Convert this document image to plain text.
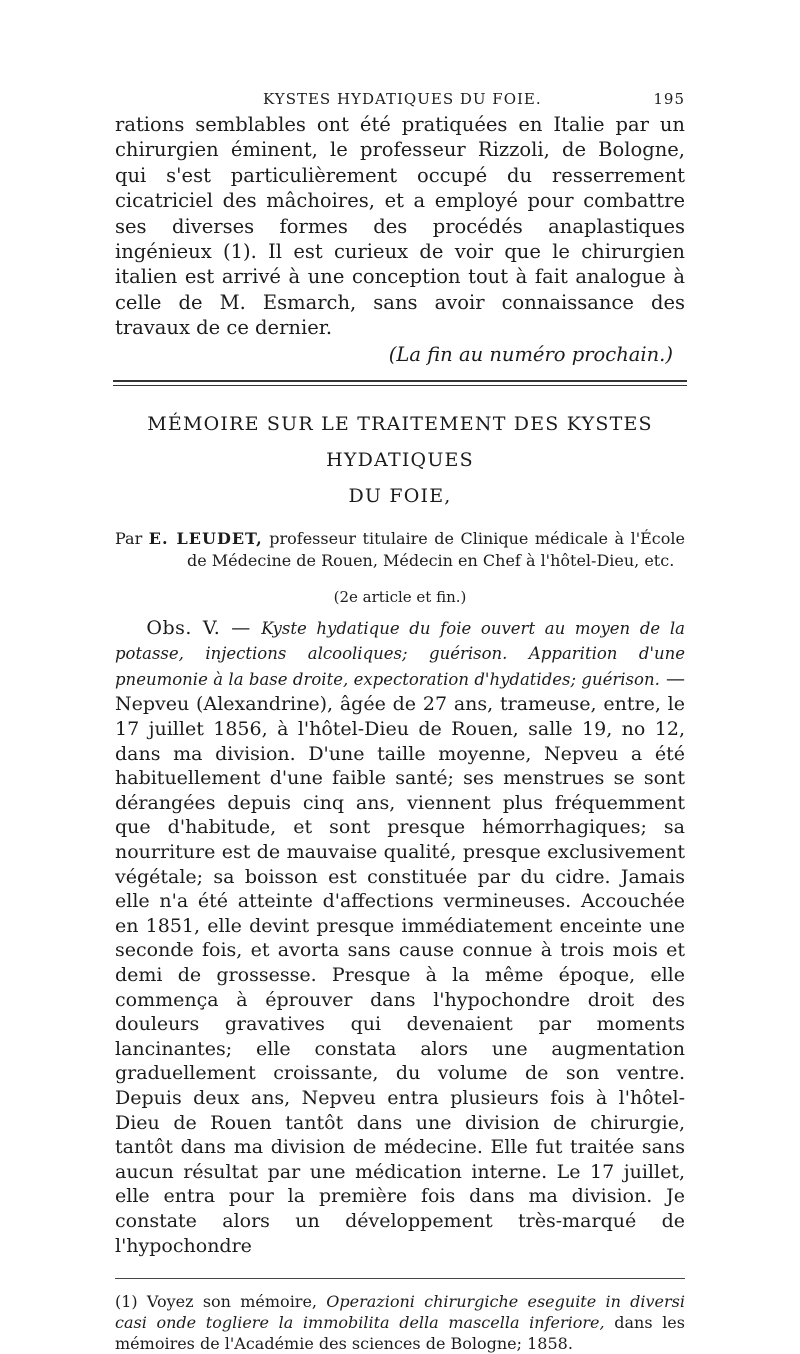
KYSTES HYDATIQUES DU FOIE.	195

rations semblables ont été pratiquées en Italie par un chirurgien éminent, le professeur Rizzoli, de Bologne, qui s'est particulièrement occupé du resserrement cicatriciel des mâchoires, et a employé pour combattre ses diverses formes des procédés anaplastiques ingénieux (1). Il est curieux de voir que le chirurgien italien est arrivé à une conception tout à fait analogue à celle de M. Esmarch, sans avoir connaissance des travaux de ce dernier.

(La fin au numéro prochain.)

MÉMOIRE SUR LE TRAITEMENT DES KYSTES HYDATIQUES

DU FOIE,

Par E. LEUDET, professeur titulaire de Clinique médicale à l'École de Médecine de Rouen, Médecin en Chef à l'hôtel-Dieu, etc.

(2e article et fin.)
Obs. V. — Kyste hydatique du foie ouvert au moyen de la potasse, injections alcooliques; guérison. Apparition d'une pneumonie à la base droite, expectoration d'hydatides; guérison. — Nepveu (Alexandrine), âgée de 27 ans, trameuse, entre, le 17 juillet 1856, à l'hôtel-Dieu de Rouen, salle 19, no 12, dans ma division. D'une taille moyenne, Nepveu a été habituellement d'une faible santé; ses menstrues se sont dérangées depuis cinq ans, viennent plus fréquemment que d'habitude, et sont presque hémorrhagiques; sa nourriture est de mauvaise qualité, presque exclusivement végétale; sa boisson est constituée par du cidre. Jamais elle n'a été atteinte d'affections vermineuses. Accouchée en 1851, elle devint presque immédiatement enceinte une seconde fois, et avorta sans cause connue à trois mois et demi de grossesse. Presque à la même époque, elle commença à éprouver dans l'hypochondre droit des douleurs gravatives qui devenaient par moments lancinantes; elle constata alors une augmentation graduellement croissante, du volume de son ventre. Depuis deux ans, Nepveu entra plusieurs fois à l'hôtel-Dieu de Rouen tantôt dans une division de chirurgie, tantôt dans ma division de médecine. Elle fut traitée sans aucun résultat par une médication interne. Le 17 juillet, elle entra pour la première fois dans ma division. Je constate alors un développement très-marqué de l'hypochondre
(1) Voyez son mémoire, Operazioni chirurgiche eseguite in diversi casi onde togliere la immobilita della mascella inferiore, dans les mémoires de l'Académie des sciences de Bologne; 1858.
